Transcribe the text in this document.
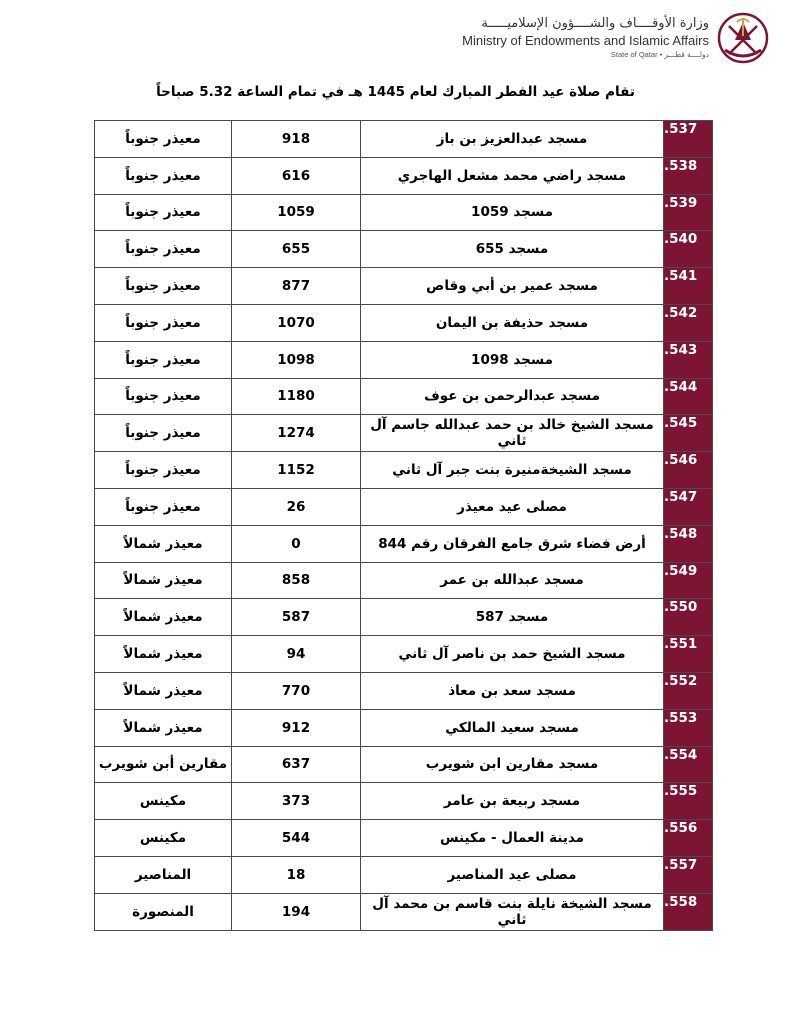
وزارة الأوقــــاف والشــــؤون الإسلاميـــــة
Ministry of Endowments and Islamic Affairs
State of Qatar • دولــــة قطـــر
تقام صلاة عيد الفطر المبارك لعام 1445 هـ في تمام الساعة 5.32 صباحاً
.537	مسجد عبدالعزيز بن باز	918	معيذر جنوباً
.538	مسجد راضي محمد مشعل الهاجري	616	معيذر جنوباً
.539	مسجد 1059	1059	معيذر جنوباً
.540	مسجد 655	655	معيذر جنوباً
.541	مسجد عمير بن أبي وقاص	877	معيذر جنوباً
.542	مسجد حذيفة بن اليمان	1070	معيذر جنوباً
.543	مسجد 1098	1098	معيذر جنوباً
.544	مسجد عبدالرحمن بن عوف	1180	معيذر جنوباً
.545	مسجد الشيخ خالد بن حمد عبدالله جاسم آل ثاني	1274	معيذر جنوباً
.546	مسجد الشيخةمنيرة بنت جبر آل ثاني	1152	معيذر جنوباً
.547	مصلى عيد معيذر	26	معيذر جنوباً
.548	أرض فضاء شرق جامع الفرقان رقم 844	0	معيذر شمالاً
.549	مسجد عبدالله بن عمر	858	معيذر شمالاً
.550	مسجد 587	587	معيذر شمالاً
.551	مسجد الشيخ حمد بن ناصر آل ثاني	94	معيذر شمالاً
.552	مسجد سعد بن معاذ	770	معيذر شمالاً
.553	مسجد سعيد المالكي	912	معيذر شمالاً
.554	مسجد مقارين ابن شويرب	637	مقارين أبن شويرب
.555	مسجد ربيعة بن عامر	373	مكينس
.556	مدينة العمال - مكينس	544	مكينس
.557	مصلى عيد المناصير	18	المناصير
.558	مسجد الشيخة نايلة بنت قاسم بن محمد آل ثاني	194	المنصورة
